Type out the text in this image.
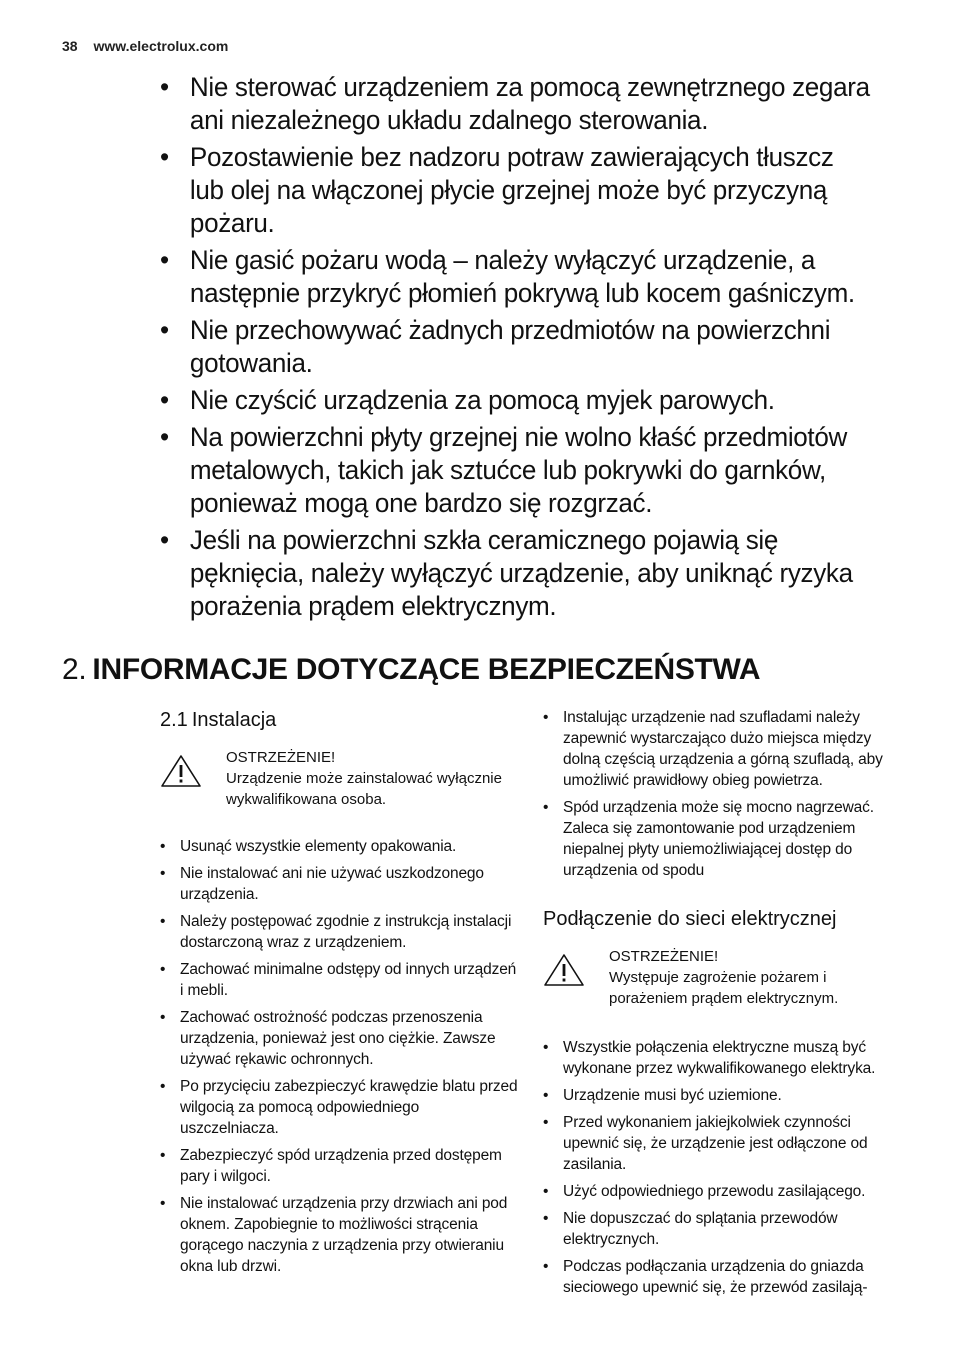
38 www.electrolux.com
• Nie sterować urządzeniem za pomocą zewnętrznego zegara ani niezależnego układu zdalnego sterowania.
• Pozostawienie bez nadzoru potraw zawierających tłuszcz lub olej na włączonej płycie grzejnej może być przyczyną pożaru.
• Nie gasić pożaru wodą – należy wyłączyć urządzenie, a następnie przykryć płomień pokrywą lub kocem gaśniczym.
• Nie przechowywać żadnych przedmiotów na powierzchni gotowania.
• Nie czyścić urządzenia za pomocą myjek parowych.
• Na powierzchni płyty grzejnej nie wolno kłaść przedmiotów metalowych, takich jak sztućce lub pokrywki do garnków, ponieważ mogą one bardzo się rozgrzać.
• Jeśli na powierzchni szkła ceramicznego pojawią się pęknięcia, należy wyłączyć urządzenie, aby uniknąć ryzyka porażenia prądem elektrycznym.
2. INFORMACJE DOTYCZĄCE BEZPIECZEŃSTWA
2.1 Instalacja
OSTRZEŻENIE!
Urządzenie może zainstalować wyłącznie wykwalifikowana osoba.
• Usunąć wszystkie elementy opakowania.
• Nie instalować ani nie używać uszkodzonego urządzenia.
• Należy postępować zgodnie z instrukcją instalacji dostarczoną wraz z urządzeniem.
• Zachować minimalne odstępy od innych urządzeń i mebli.
• Zachować ostrożność podczas przenoszenia urządzenia, ponieważ jest ono ciężkie. Zawsze używać rękawic ochronnych.
• Po przycięciu zabezpieczyć krawędzie blatu przed wilgocią za pomocą odpowiedniego uszczelniacza.
• Zabezpieczyć spód urządzenia przed dostępem pary i wilgoci.
• Nie instalować urządzenia przy drzwiach ani pod oknem. Zapobiegnie to możliwości strącenia gorącego naczynia z urządzenia przy otwieraniu okna lub drzwi.
• Instalując urządzenie nad szufladami należy zapewnić wystarczająco dużo miejsca między dolną częścią urządzenia a górną szufladą, aby umożliwić prawidłowy obieg powietrza.
• Spód urządzenia może się mocno nagrzewać. Zaleca się zamontowanie pod urządzeniem niepalnej płyty uniemożliwiającej dostęp do urządzenia od spodu
Podłączenie do sieci elektrycznej
OSTRZEŻENIE!
Występuje zagrożenie pożarem i porażeniem prądem elektrycznym.
• Wszystkie połączenia elektryczne muszą być wykonane przez wykwalifikowanego elektryka.
• Urządzenie musi być uziemione.
• Przed wykonaniem jakiejkolwiek czynności upewnić się, że urządzenie jest odłączone od zasilania.
• Użyć odpowiedniego przewodu zasilającego.
• Nie dopuszczać do splątania przewodów elektrycznych.
• Podczas podłączania urządzenia do gniazda sieciowego upewnić się, że przewód zasilają-
